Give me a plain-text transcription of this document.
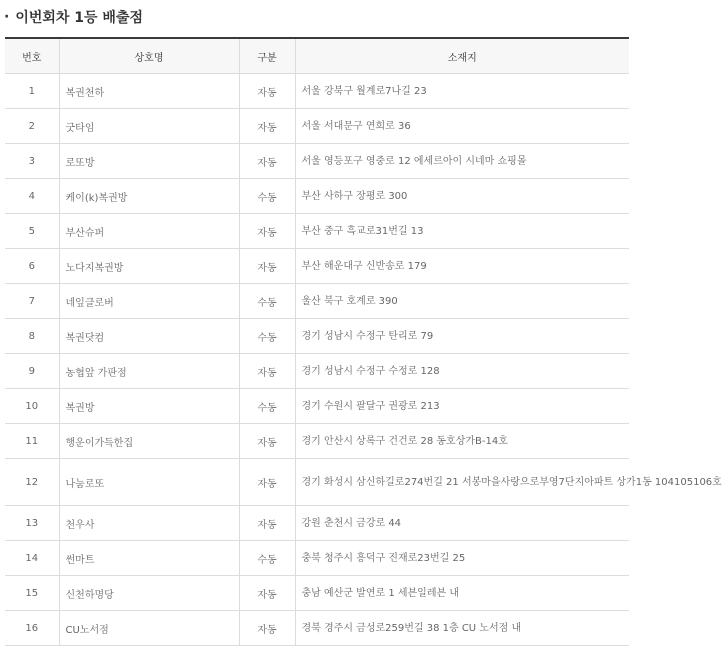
· 이번회차 1등 배출점
번호	상호명	구분	소재지
1	복권천하	자동	서울 강북구 월계로7나길 23
2	굿타임	자동	서울 서대문구 연희로 36
3	로또방	자동	서울 영등포구 영중로 12 에세르아이 시네마 쇼핑몰
4	케이(k)복권방	수동	부산 사하구 장평로 300
5	부산슈퍼	자동	부산 중구 흑교로31번길 13
6	노다지복권방	자동	부산 해운대구 신반송로 179
7	네잎클로버	수동	울산 북구 호계로 390
8	복권닷컴	수동	경기 성남시 수정구 탄리로 79
9	농협앞 가판점	자동	경기 성남시 수정구 수정로 128
10	복권방	수동	경기 수원시 팔달구 권광로 213
11	행운이가득한집	자동	경기 안산시 상록구 건건로 28 동호상가B-14호
12	나눔로또	자동	경기 화성시 삼신하길로274번길 21 서봉마을사랑으로부영7단지아파트 상가1동 104105106호
13	천우사	자동	강원 춘천시 금강로 44
14	썬마트	수동	충북 청주시 흥덕구 진재로23번길 25
15	신천하명당	자동	충남 예산군 발연로 1 세븐일레븐 내
16	CU노서점	자동	경북 경주시 금성로259번길 38 1층 CU 노서점 내
